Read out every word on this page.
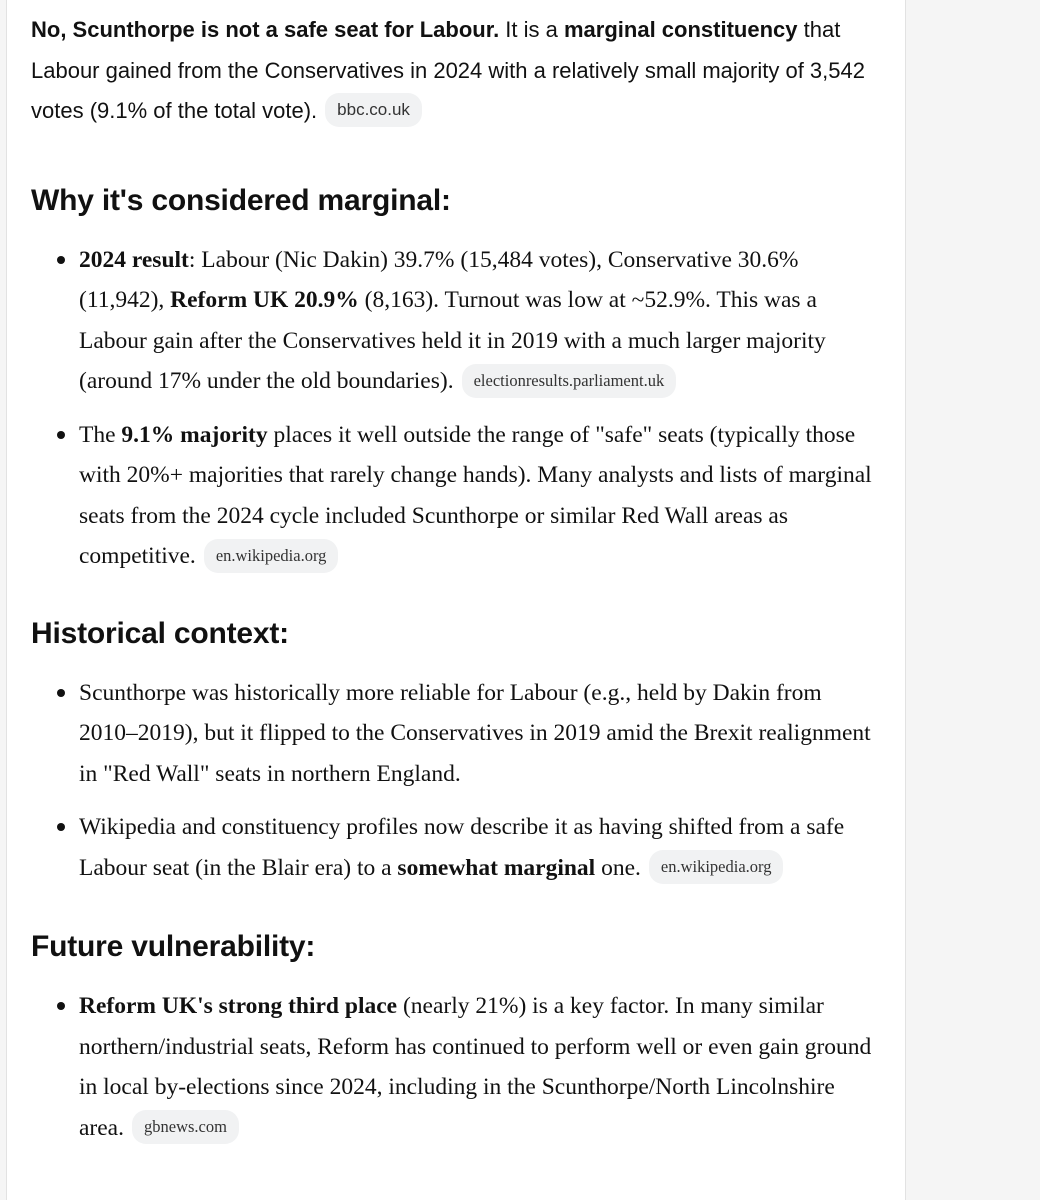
No, Scunthorpe is not a safe seat for Labour. It is a marginal constituency that Labour gained from the Conservatives in 2024 with a relatively small majority of 3,542 votes (9.1% of the total vote). bbc.co.uk

Why it's considered marginal:
2024 result: Labour (Nic Dakin) 39.7% (15,484 votes), Conservative 30.6% (11,942), Reform UK 20.9% (8,163). Turnout was low at ~52.9%. This was a Labour gain after the Conservatives held it in 2019 with a much larger majority (around 17% under the old boundaries). electionresults.parliament.uk
The 9.1% majority places it well outside the range of "safe" seats (typically those with 20%+ majorities that rarely change hands). Many analysts and lists of marginal seats from the 2024 cycle included Scunthorpe or similar Red Wall areas as competitive. en.wikipedia.org
Historical context:
Scunthorpe was historically more reliable for Labour (e.g., held by Dakin from 2010–2019), but it flipped to the Conservatives in 2019 amid the Brexit realignment in "Red Wall" seats in northern England.
Wikipedia and constituency profiles now describe it as having shifted from a safe Labour seat (in the Blair era) to a somewhat marginal one. en.wikipedia.org
Future vulnerability:
Reform UK's strong third place (nearly 21%) is a key factor. In many similar northern/industrial seats, Reform has continued to perform well or even gain ground in local by-elections since 2024, including in the Scunthorpe/North Lincolnshire area. gbnews.com
